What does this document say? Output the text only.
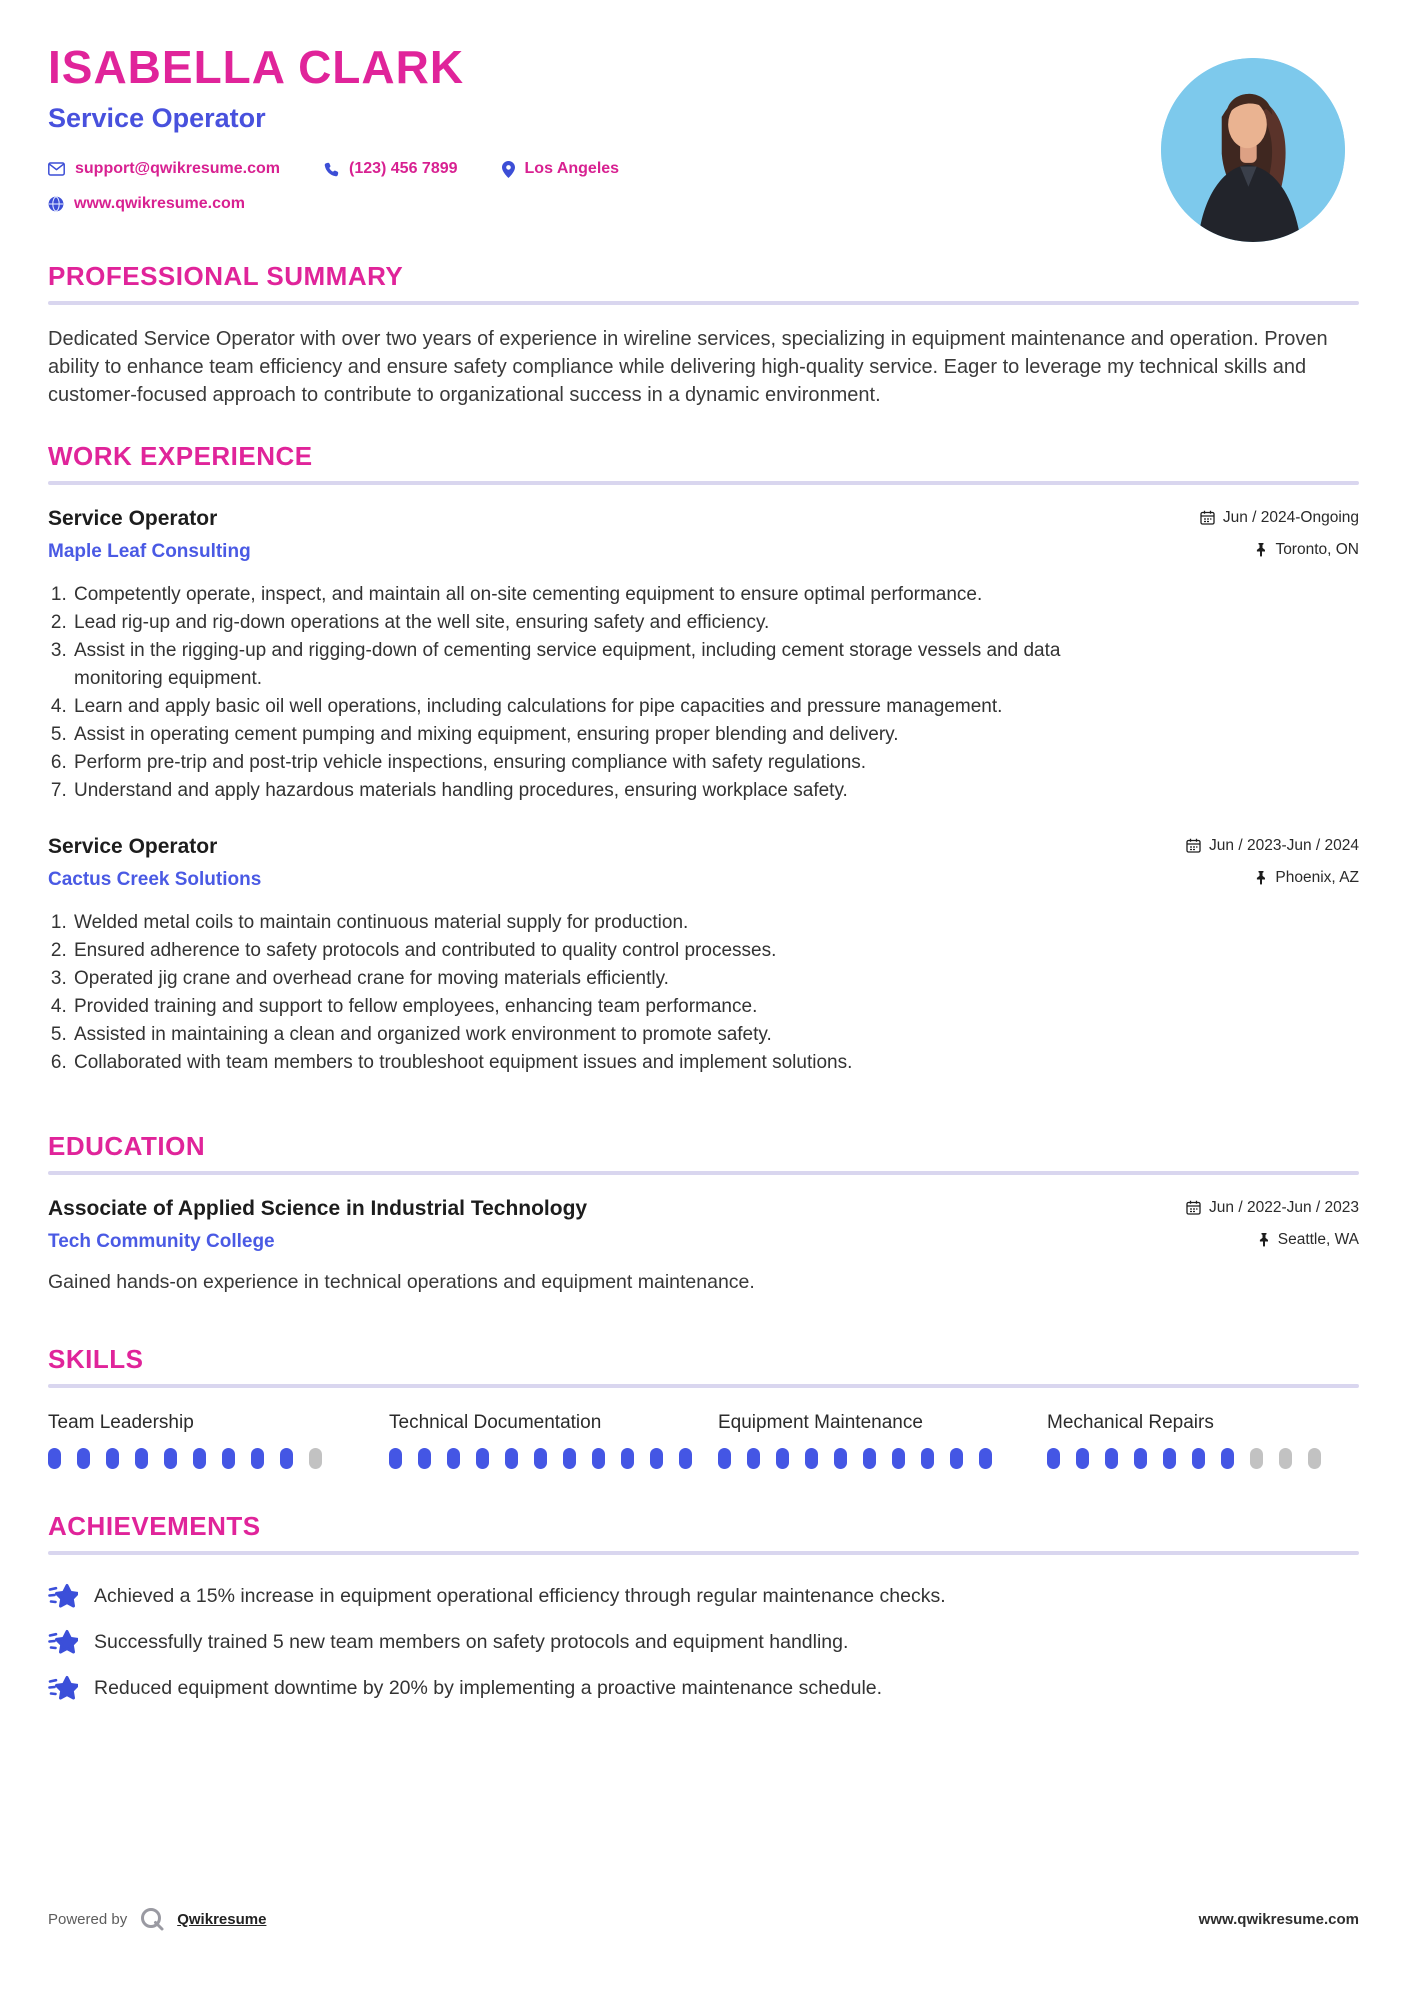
ISABELLA CLARK
Service Operator
support@qwikresume.com	(123) 456 7899	Los Angeles
www.qwikresume.com
PROFESSIONAL SUMMARY

Dedicated Service Operator with over two years of experience in wireline services, specializing in equipment maintenance and operation. Proven ability to enhance team efficiency and ensure safety compliance while delivering high-quality service. Eager to leverage my technical skills and customer-focused approach to contribute to organizational success in a dynamic environment.

WORK EXPERIENCE
Service Operator	Jun / 2024-Ongoing
Maple Leaf Consulting	Toronto, ON
1. Competently operate, inspect, and maintain all on-site cementing equipment to ensure optimal performance.
2. Lead rig-up and rig-down operations at the well site, ensuring safety and efficiency.
3. Assist in the rigging-up and rigging-down of cementing service equipment, including cement storage vessels and data monitoring equipment.
4. Learn and apply basic oil well operations, including calculations for pipe capacities and pressure management.
5. Assist in operating cement pumping and mixing equipment, ensuring proper blending and delivery.
6. Perform pre-trip and post-trip vehicle inspections, ensuring compliance with safety regulations.
7. Understand and apply hazardous materials handling procedures, ensuring workplace safety.
Service Operator	Jun / 2023-Jun / 2024
Cactus Creek Solutions	Phoenix, AZ
1. Welded metal coils to maintain continuous material supply for production.
2. Ensured adherence to safety protocols and contributed to quality control processes.
3. Operated jig crane and overhead crane for moving materials efficiently.
4. Provided training and support to fellow employees, enhancing team performance.
5. Assisted in maintaining a clean and organized work environment to promote safety.
6. Collaborated with team members to troubleshoot equipment issues and implement solutions.
EDUCATION
Associate of Applied Science in Industrial Technology	Jun / 2022-Jun / 2023
Tech Community College	Seattle, WA

Gained hands-on experience in technical operations and equipment maintenance.

SKILLS
Team Leadership	Technical Documentation	Equipment Maintenance	Mechanical Repairs
ACHIEVEMENTS
Achieved a 15% increase in equipment operational efficiency through regular maintenance checks.
Successfully trained 5 new team members on safety protocols and equipment handling.
Reduced equipment downtime by 20% by implementing a proactive maintenance schedule.
Powered by	Qwikresume	www.qwikresume.com
